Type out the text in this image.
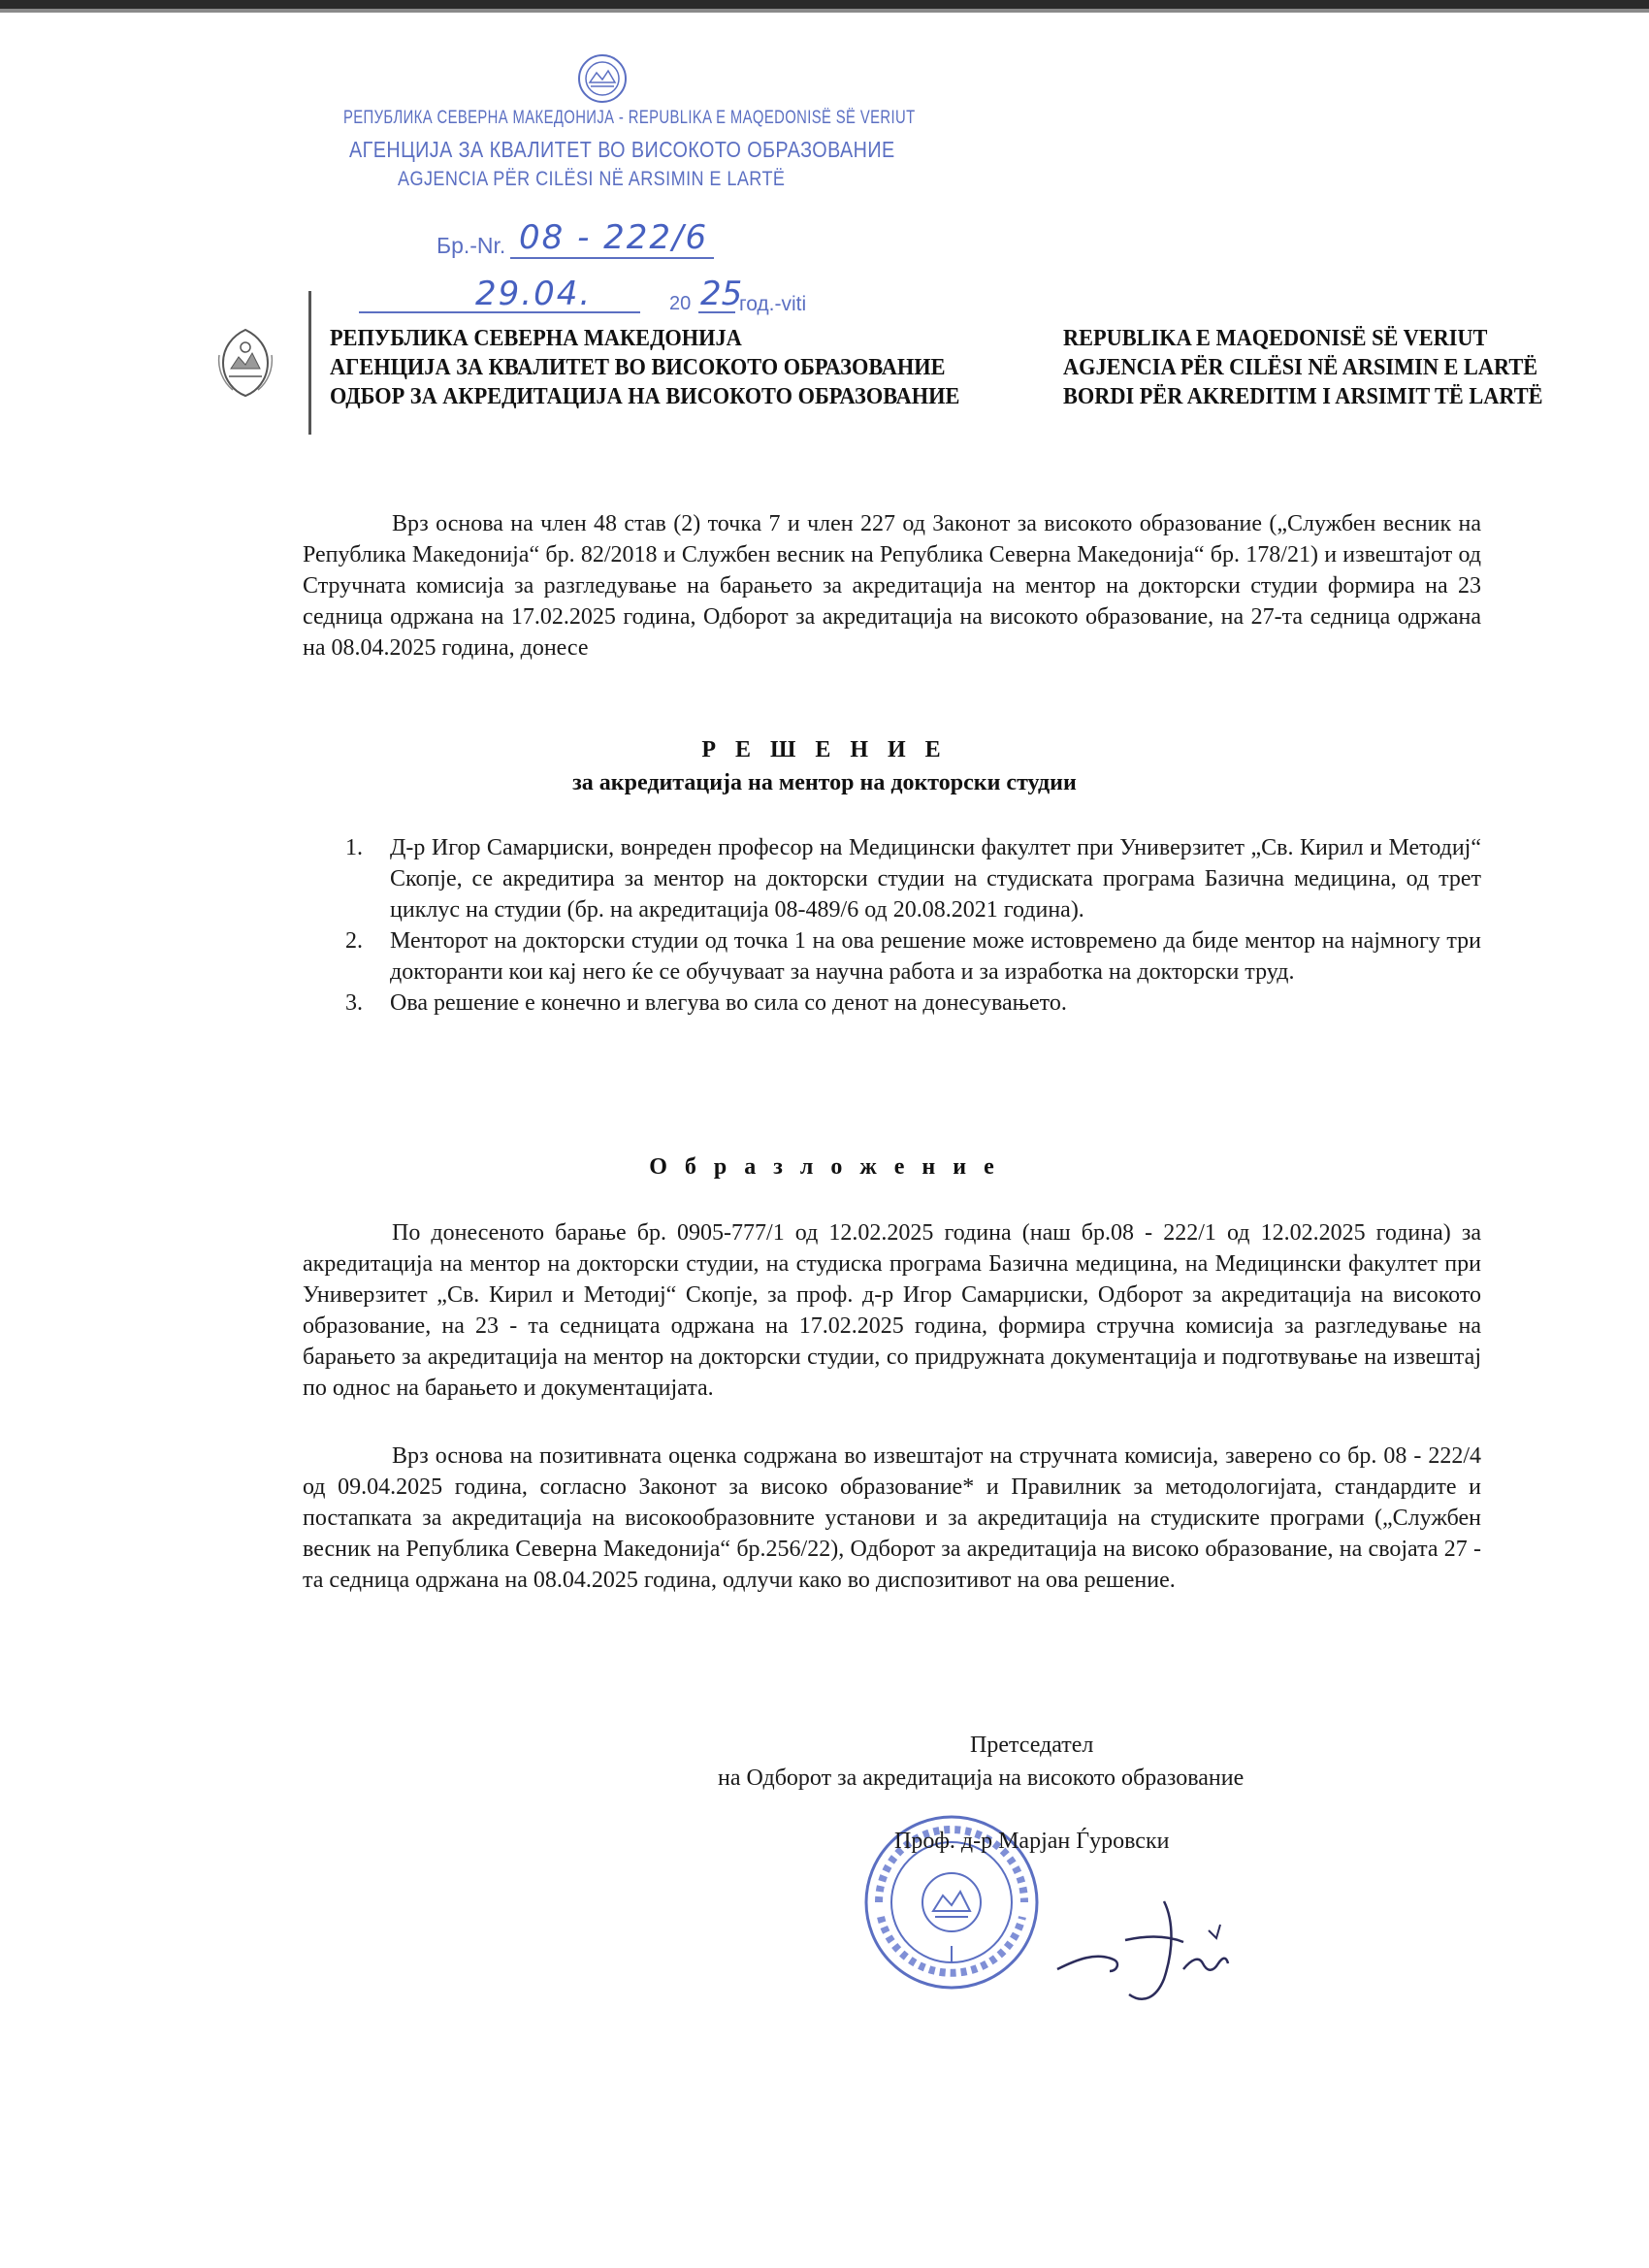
РЕПУБЛИКА СЕВЕРНА МАКЕДОНИЈА - REPUBLIKA E MAQEDONISË SË VERIUT
АГЕНЦИЈА ЗА КВАЛИТЕТ ВО ВИСОКОТО ОБРАЗОВАНИЕ
AGJENCIA PËR CILËSI NË ARSIMIN E LARTË
Бр.-Nr. 08 - 222/6
29.04.	20 25
год.-viti
РЕПУБЛИКА СЕВЕРНА МАКЕДОНИЈА
АГЕНЦИЈА ЗА КВАЛИТЕТ ВО ВИСОКОТО ОБРАЗОВАНИЕ
ОДБОР ЗА АКРЕДИТАЦИЈА НА ВИСОКОТО ОБРАЗОВАНИЕ
REPUBLIKA E MAQEDONISË SË VERIUT
AGJENCIA PËR CILËSI NË ARSIMIN E LARTË
BORDI PËR AKREDITIM I ARSIMIT TË LARTË
Врз основа на член 48 став (2) точка 7 и член 227 од Законот за високото образование („Службен весник на Република Македонија“ бр. 82/2018 и Службен весник на Република Северна Македонија“ бр. 178/21) и извештајот од Стручната комисија за разгледување на барањето за акредитација на ментор на докторски студии формира на 23 седница одржана на 17.02.2025 година, Одборот за акредитација на високото образование, на 27-та седница одржана на 08.04.2025 година, донесе
Р Е Ш Е Н И Е
за акредитација на ментор на докторски студии
1. Д-р Игор Самарџиски, вонреден професор на Медицински факултет при Универзитет „Св. Кирил и Методиј“ Скопје, се акредитира за ментор на докторски студии на студиската програма Базична медицина, од трет циклус на студии (бр. на акредитација 08-489/6 од 20.08.2021 година).
2. Менторот на докторски студии од точка 1 на ова решение може истовремено да биде ментор на најмногу три докторанти кои кај него ќе се обучуваат за научна работа и за изработка на докторски труд.
3. Ова решение е конечно и влегува во сила со денот на донесувањето.
О б р а з л о ж е н и е
По донесеното барање бр. 0905-777/1 од 12.02.2025 година (наш бр.08 - 222/1 од 12.02.2025 година) за акредитација на ментор на докторски студии, на студиска програма Базична медицина, на Медицински факултет при Универзитет „Св. Кирил и Методиј“ Скопје, за проф. д-р Игор Самарџиски, Одборот за акредитација на високото образование, на 23 - та седницата одржана на 17.02.2025 година, формира стручна комисија за разгледување на барањето за акредитација на ментор на докторски студии, со придружната документација и подготвување на извештај по однос на барањето и документацијата.
Врз основа на позитивната оценка содржана во извештајот на стручната комисија, заверено со бр. 08 - 222/4 од 09.04.2025 година, согласно Законот за високо образование* и Правилник за методологијата, стандардите и постапката за акредитација на високообразовните установи и за акредитација на студиските програми („Службен весник на Република Северна Македонија“ бр.256/22), Одборот за акредитација на високо образование, на својата 27 - та седница одржана на 08.04.2025 година, одлучи како во диспозитивот на ова решение.
Претседател
на Одборот за акредитација на високото образование
Проф. д-р Марјан Ѓуровски
